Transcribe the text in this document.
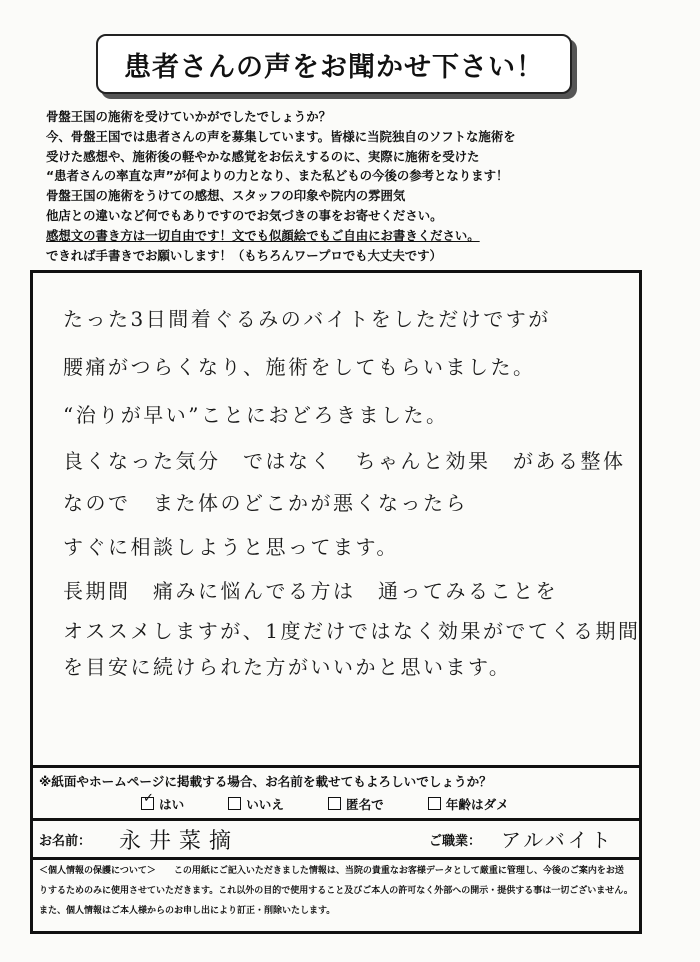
患者さんの声をお聞かせ下さい！
骨盤王国の施術を受けていかがでしたでしょうか？
今、骨盤王国では患者さんの声を募集しています。皆様に当院独自のソフトな施術を
受けた感想や、施術後の軽やかな感覚をお伝えするのに、実際に施術を受けた
“患者さんの率直な声”が何よりの力となり、また私どもの今後の参考となります！
骨盤王国の施術をうけての感想、スタッフの印象や院内の雰囲気
他店との違いなど何でもありですのでお気づきの事をお寄せください。
感想文の書き方は一切自由です！文でも似顔絵でもご自由にお書きください。
できれば手書きでお願いします！（もちろんワープロでも大丈夫です）
たった3日間着ぐるみのバイトをしただけですが
腰痛がつらくなり、施術をしてもらいました。
“治りが早い”ことにおどろきました。
良くなった気分　ではなく　ちゃんと効果　がある整体
なので　また体のどこかが悪くなったら
すぐに相談しようと思ってます。
長期間　痛みに悩んでる方は　通ってみることを
オススメしますが、1度だけではなく効果がでてくる期間
を目安に続けられた方がいいかと思います。
※紙面やホームページに掲載する場合、お名前を載せてもよろしいでしょうか？
✓ はい	いいえ	匿名で	年齢はダメ
お名前： 永井菜摘	ご職業： アルバイト
＜個人情報の保護について＞　　この用紙にご記入いただきました情報は、当院の貴重なお客様データとして厳重に管理し、今後のご案内をお送
りするためのみに使用させていただきます。これ以外の目的で使用すること及びご本人の許可なく外部への開示・提供する事は一切ございません。
また、個人情報はご本人様からのお申し出により訂正・削除いたします。
